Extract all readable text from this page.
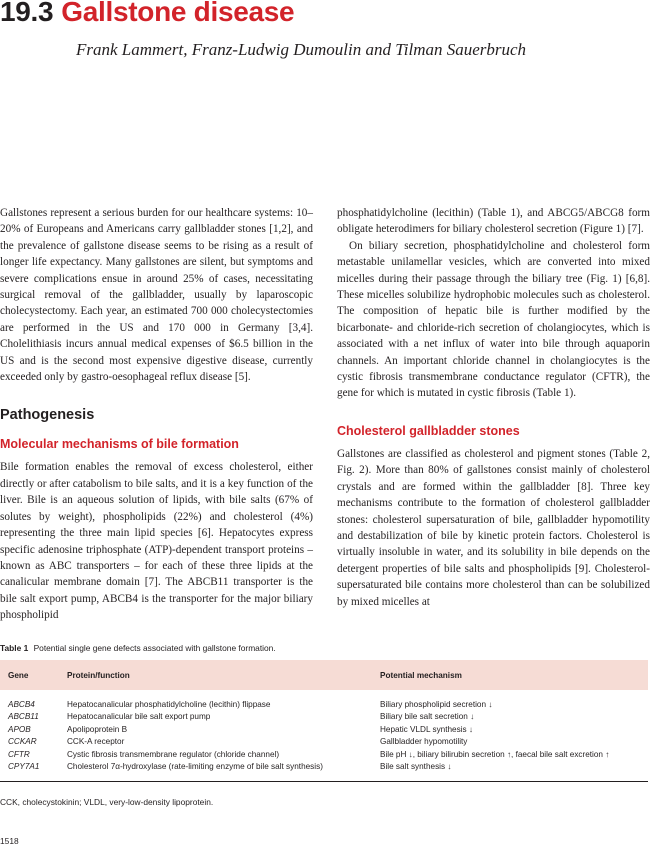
19.3 Gallstone disease
Frank Lammert, Franz-Ludwig Dumoulin and Tilman Sauerbruch

Gallstones represent a serious burden for our healthcare systems: 10–20% of Europeans and Americans carry gallbladder stones [1,2], and the prevalence of gallstone disease seems to be rising as a result of longer life expectancy. Many gallstones are silent, but symptoms and severe complications ensue in around 25% of cases, necessitating surgical removal of the gallbladder, usually by laparoscopic cholecystectomy. Each year, an estimated 700 000 cholecystectomies are performed in the US and 170 000 in Germany [3,4]. Cholelithiasis incurs annual medical expenses of $6.5 billion in the US and is the second most expensive digestive disease, currently exceeded only by gastro-oesophageal reflux disease [5].

Pathogenesis
Molecular mechanisms of bile formation

Bile formation enables the removal of excess cholesterol, either directly or after catabolism to bile salts, and it is a key function of the liver. Bile is an aqueous solution of lipids, with bile salts (67% of solutes by weight), phospholipids (22%) and cholesterol (4%) representing the three main lipid species [6]. Hepatocytes express specific adenosine triphosphate (ATP)-dependent transport proteins – known as ABC transporters – for each of these three lipids at the canalicular membrane domain [7]. The ABCB11 transporter is the bile salt export pump, ABCB4 is the transporter for the major biliary phospholipid

phosphatidylcholine (lecithin) (Table 1), and ABCG5/ABCG8 form obligate heterodimers for biliary cholesterol secretion (Figure 1) [7].

On biliary secretion, phosphatidylcholine and cholesterol form metastable unilamellar vesicles, which are converted into mixed micelles during their passage through the biliary tree (Fig. 1) [6,8]. These micelles solubilize hydrophobic molecules such as cholesterol. The composition of hepatic bile is further modified by the bicarbonate- and chloride-rich secretion of cholangiocytes, which is associated with a net influx of water into bile through aquaporin channels. An important chloride channel in cholangiocytes is the cystic fibrosis transmembrane conductance regulator (CFTR), the gene for which is mutated in cystic fibrosis (Table 1).

Cholesterol gallbladder stones

Gallstones are classified as cholesterol and pigment stones (Table 2, Fig. 2). More than 80% of gallstones consist mainly of cholesterol crystals and are formed within the gallbladder [8]. Three key mechanisms contribute to the formation of cholesterol gallbladder stones: cholesterol supersaturation of bile, gallbladder hypomotility and destabilization of bile by kinetic protein factors. Cholesterol is virtually insoluble in water, and its solubility in bile depends on the detergent properties of bile salts and phospholipids [9]. Cholesterol-supersaturated bile contains more cholesterol than can be solubilized by mixed micelles at

Table 1 Potential single gene defects associated with gallstone formation.
Gene	Protein/function	Potential mechanism
ABCB4	Hepatocanalicular phosphatidylcholine (lecithin) flippase	Biliary phospholipid secretion ↓
ABCB11	Hepatocanalicular bile salt export pump	Biliary bile salt secretion ↓
APOB	Apolipoprotein B	Hepatic VLDL synthesis ↓
CCKAR	CCK-A receptor	Gallbladder hypomotility
CFTR	Cystic fibrosis transmembrane regulator (chloride channel)	Bile pH ↓, biliary bilirubin secretion ↑, faecal bile salt excretion ↑
CPY7A1	Cholesterol 7α-hydroxylase (rate-limiting enzyme of bile salt synthesis)	Bile salt synthesis ↓
CCK, cholecystokinin; VLDL, very-low-density lipoprotein.
1518
